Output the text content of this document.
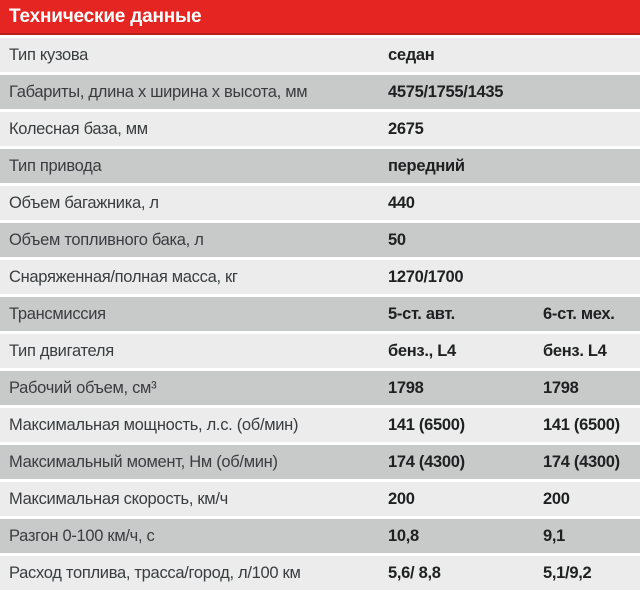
Технические данные
Тип кузова	седан
Габариты, длина х ширина х высота, мм	4575/1755/1435
Колесная база, мм	2675
Тип привода	передний
Объем багажника, л	440
Объем топливного бака, л	50
Снаряженная/полная масса, кг	1270/1700
Трансмиссия	5-ст. авт.	6-ст. мех.
Тип двигателя	бенз., L4	бенз. L4
Рабочий объем, см³	1798	1798
Максимальная мощность, л.с. (об/мин)	141 (6500)	141 (6500)
Максимальный момент, Нм (об/мин)	174 (4300)	174 (4300)
Максимальная скорость, км/ч	200	200
Разгон 0-100 км/ч, с	10,8	9,1
Расход топлива, трасса/город, л/100 км	5,6/ 8,8	5,1/9,2
